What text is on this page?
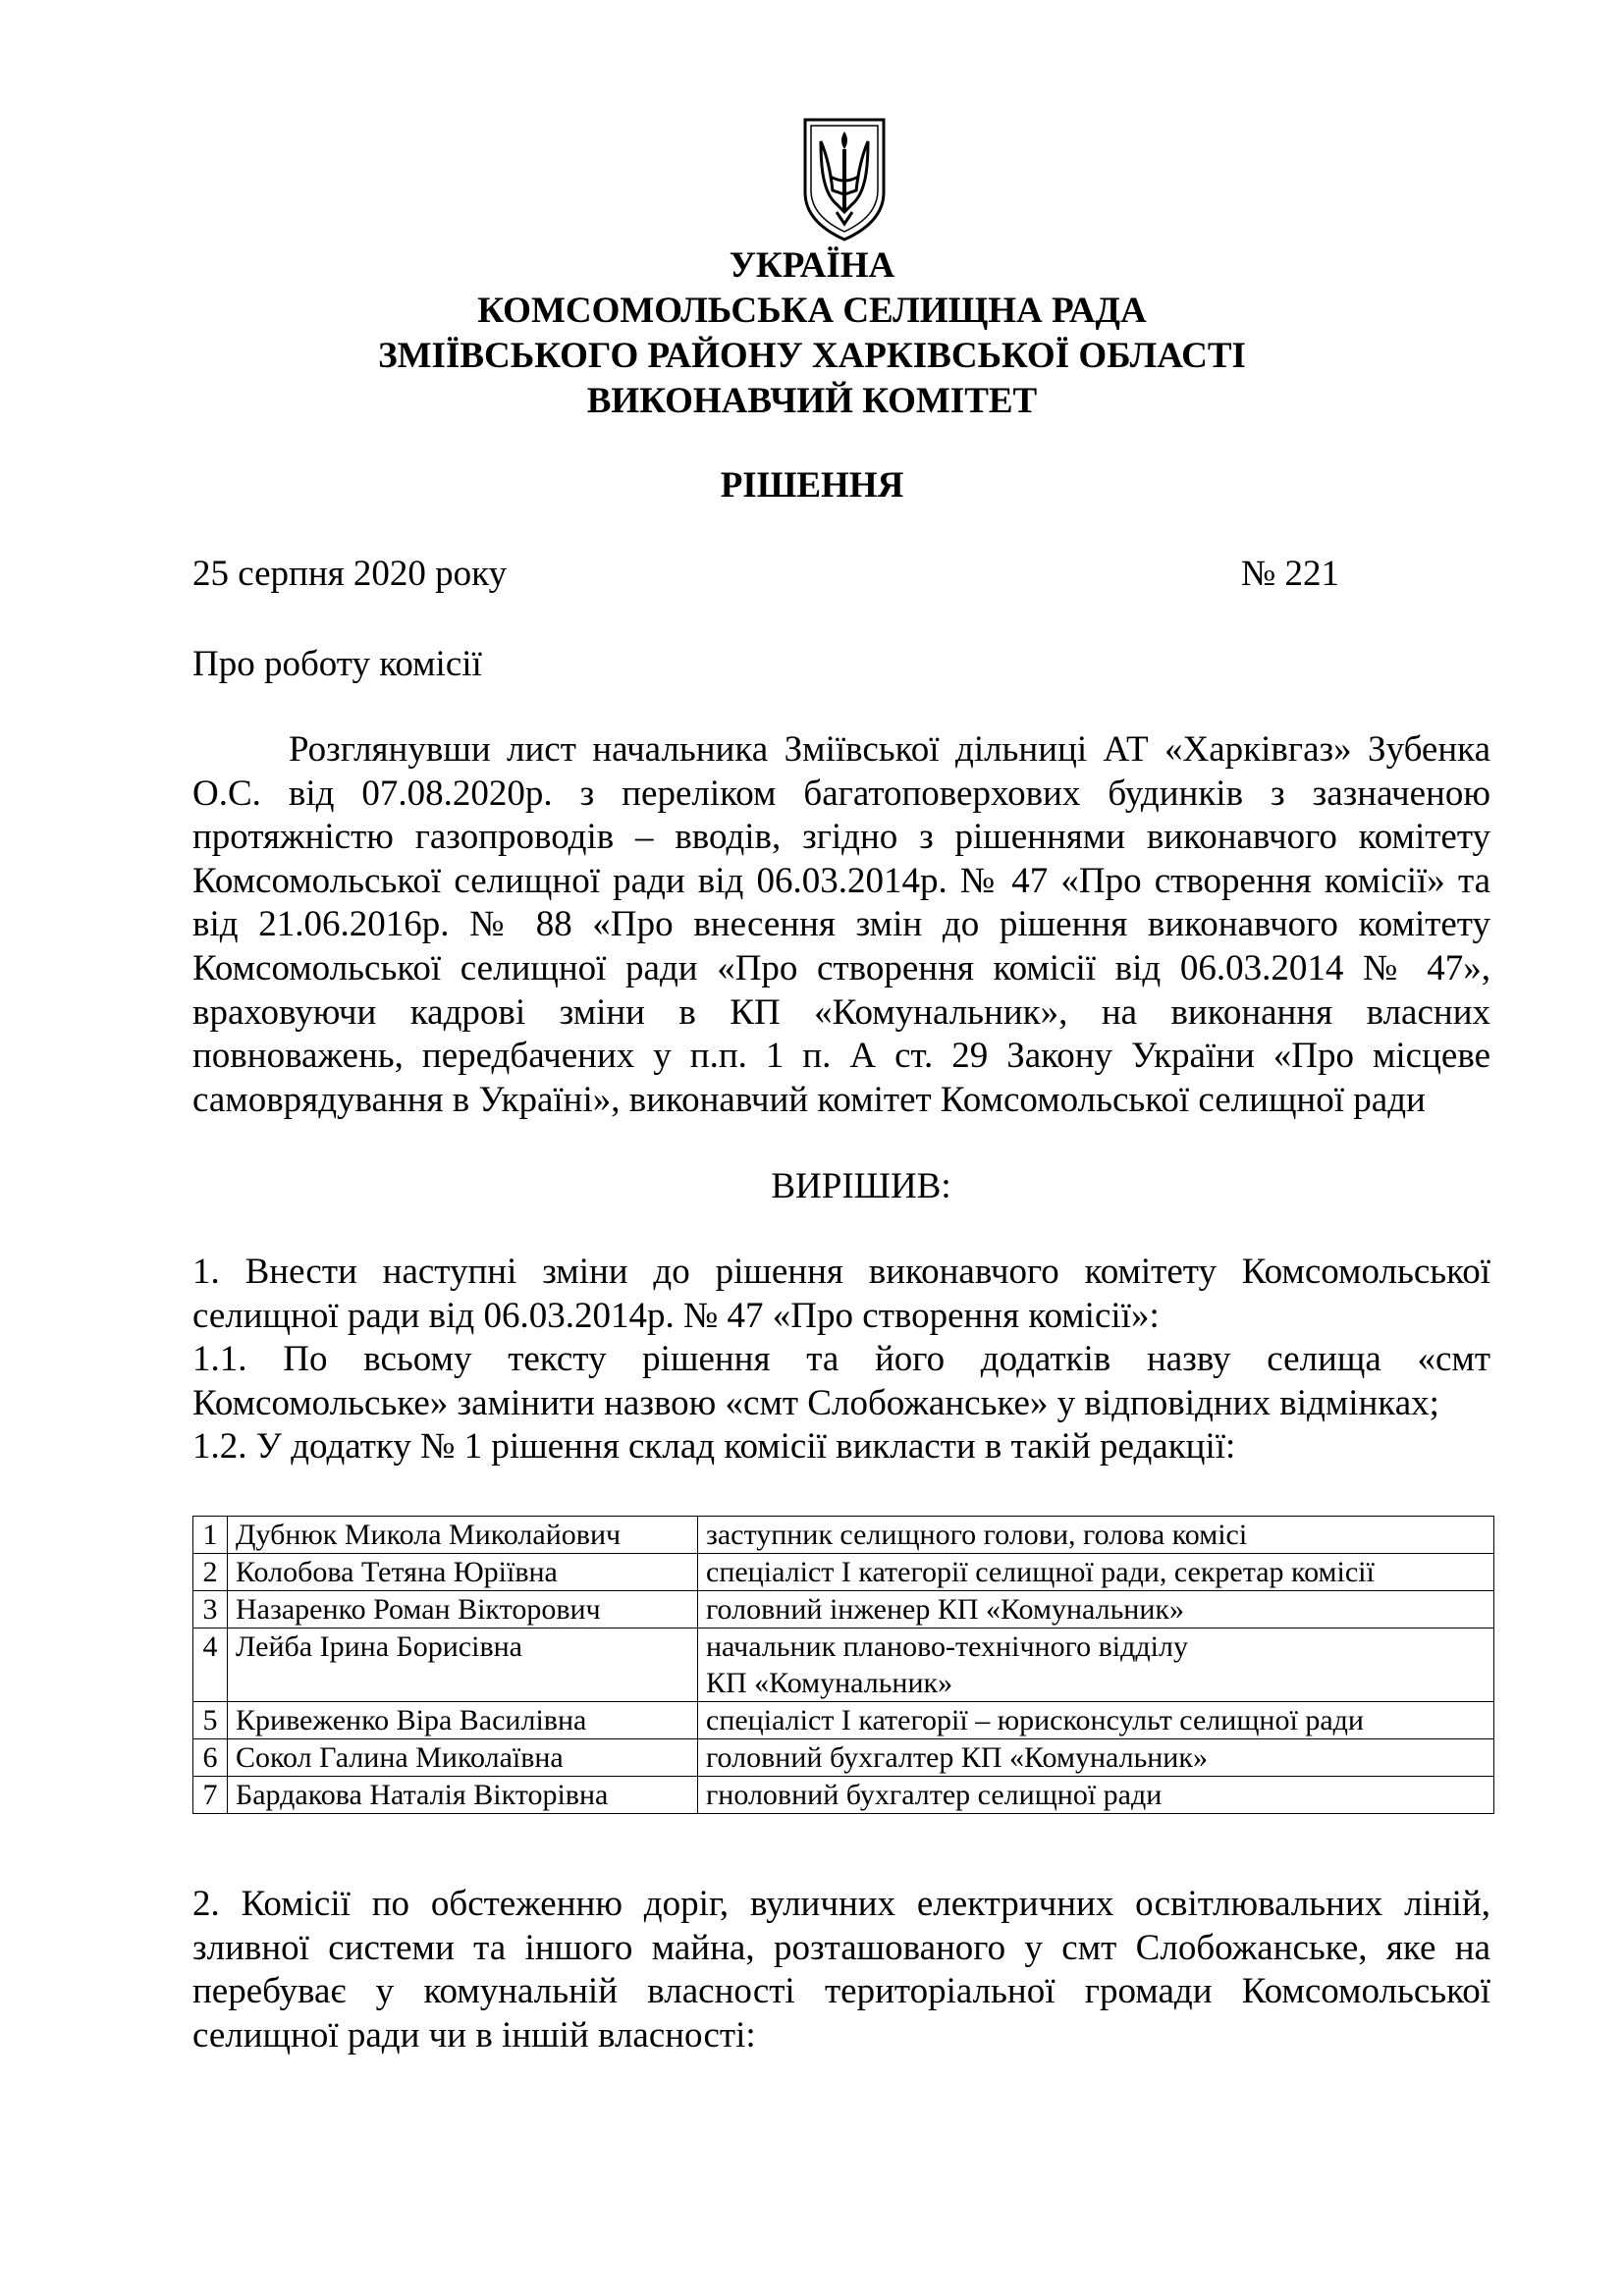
УКРАЇНА
КОМСОМОЛЬСЬКА СЕЛИЩНА РАДА
ЗМІЇВСЬКОГО РАЙОНУ ХАРКІВСЬКОЇ ОБЛАСТІ
ВИКОНАВЧИЙ КОМІТЕТ
РІШЕННЯ
25 серпня 2020 року	№ 221
Про роботу комісії
Розглянувши лист начальника Зміївської дільниці АТ «Харківгаз» Зубенка
О.С. від 07.08.2020р. з переліком багатоповерхових будинків з зазначеною
протяжністю газопроводів – вводів, згідно з рішеннями виконавчого комітету
Комсомольської селищної ради від 06.03.2014р. № 47 «Про створення комісії» та
від 21.06.2016р. № 88 «Про внесення змін до рішення виконавчого комітету
Комсомольської селищної ради «Про створення комісії від 06.03.2014 № 47»,
враховуючи кадрові зміни в КП «Комунальник», на виконання власних
повноважень, передбачених у п.п. 1 п. А ст. 29 Закону України «Про місцеве
самоврядування в Україні», виконавчий комітет Комсомольської селищної ради
ВИРІШИВ:
1. Внести наступні зміни до рішення виконавчого комітету Комсомольської
селищної ради від 06.03.2014р. № 47 «Про створення комісії»:
1.1. По всьому тексту рішення та його додатків назву селища «смт
Комсомольське» замінити назвою «смт Слобожанське» у відповідних відмінках;
1.2. У додатку № 1 рішення склад комісії викласти в такій редакції:
1	Дубнюк Микола Миколайович	заступник селищного голови, голова комісі
2	Колобова Тетяна Юріївна	спеціаліст І категорії селищної ради, секретар комісії
3	Назаренко Роман Вікторович	головний інженер КП «Комунальник»
4	Лейба Ірина Борисівна	начальник планово-технічного відділу
КП «Комунальник»

5	Кривеженко Віра Василівна	спеціаліст І категорії – юрисконсульт селищної ради
6	Сокол Галина Миколаївна	головний бухгалтер КП «Комунальник»
7	Бардакова Наталія Вікторівна	гноловний бухгалтер селищної ради
2. Комісії по обстеженню доріг, вуличних електричних освітлювальних ліній,
зливної системи та іншого майна, розташованого у смт Слобожанське, яке на
перебуває у комунальній власності територіальної громади Комсомольської
селищної ради чи в іншій власності:
